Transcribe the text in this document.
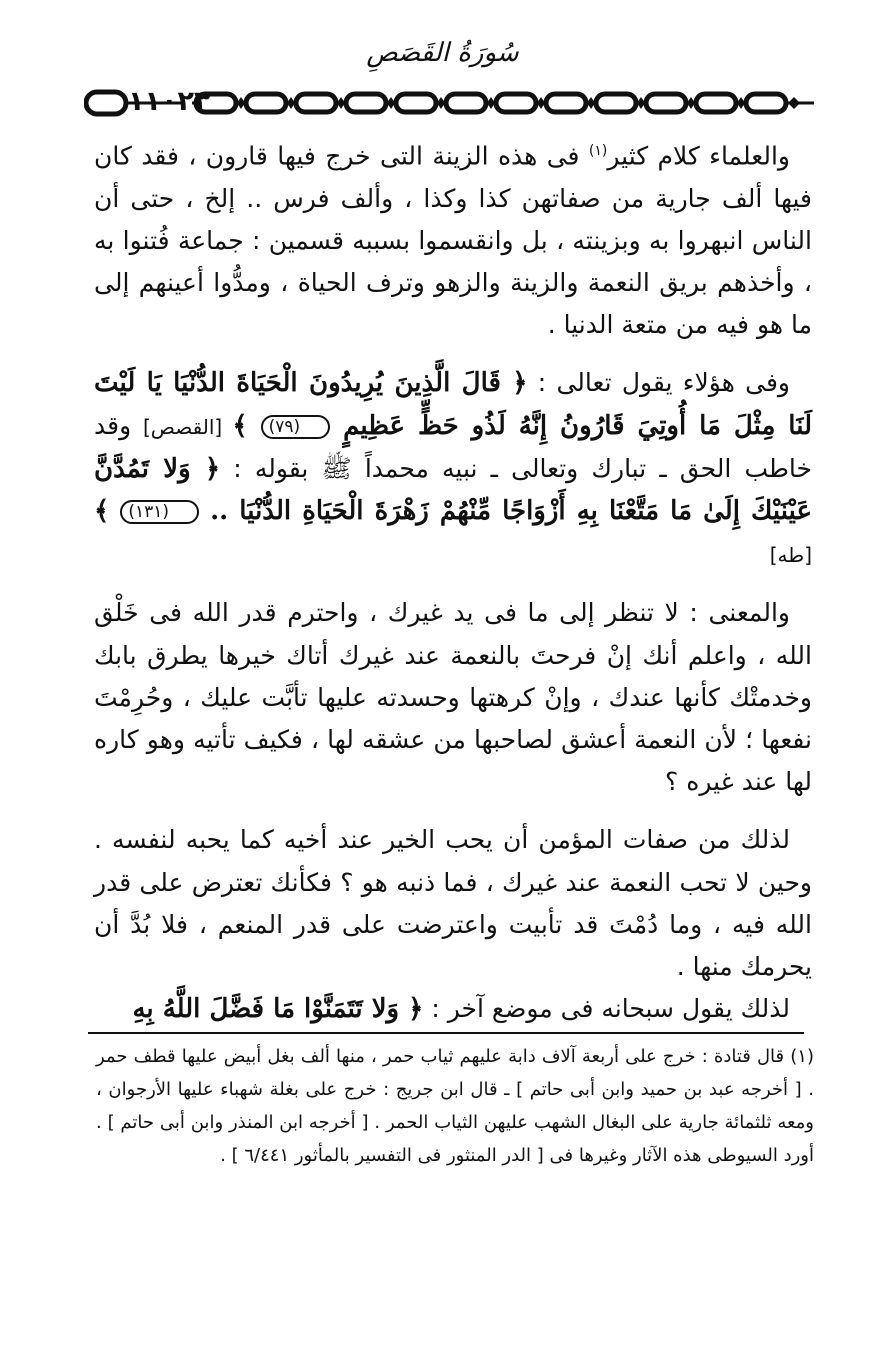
سُورَةُ القَصَصِ
١١٠٢٣

والعلماء كلام كثير$^{(١)}$ فى هذه الزينة التى خرج فيها قارون ، فقد كان فيها ألف جارية من صفاتهن كذا وكذا ، وألف فرس .. إلخ ، حتى أن الناس انبهروا به وبزينته ، بل وانقسموا بسببه قسمين : جماعة فُتنوا به ، وأخذهم بريق النعمة والزينة والزهو وترف الحياة ، ومدُّوا أعينهم إلى ما هو فيه من متعة الدنيا .

وفى هؤلاء يقول تعالى : ﴿ قَالَ الَّذِينَ يُرِيدُونَ الْحَيَاةَ الدُّنْيَا يَا لَيْتَ لَنَا مِثْلَ مَا أُوتِيَ قَارُونُ إِنَّهُ لَذُو حَظٍّ عَظِيمٍ (٧٩) ﴾ [القصص] وقد خاطب الحق ـ تبارك وتعالى ـ نبيه محمداً ﷺ بقوله : ﴿ وَلا تَمُدَّنَّ عَيْنَيْكَ إِلَىٰ مَا مَتَّعْنَا بِهِ أَزْوَاجًا مِّنْهُمْ زَهْرَةَ الْحَيَاةِ الدُّنْيَا .. (١٣١) ﴾ [طه]

والمعنى : لا تنظر إلى ما فى يد غيرك ، واحترم قدر الله فى خَلْق الله ، واعلم أنك إنْ فرحتَ بالنعمة عند غيرك أتاك خيرها يطرق بابك وخدمتْك كأنها عندك ، وإنْ كرهتها وحسدته عليها تأبَّت عليك ، وحُرِمْتَ نفعها ؛ لأن النعمة أعشق لصاحبها من عشقه لها ، فكيف تأتيه وهو كاره لها عند غيره ؟

لذلك من صفات المؤمن أن يحب الخير عند أخيه كما يحبه لنفسه . وحين لا تحب النعمة عند غيرك ، فما ذنبه هو ؟ فكأنك تعترض على قدر الله فيه ، وما دُمْتَ قد تأبيت واعترضت على قدر المنعم ، فلا بُدَّ أن يحرمك منها .

لذلك يقول سبحانه فى موضع آخر : ﴿ وَلا تَتَمَنَّوْا مَا فَضَّلَ اللَّهُ بِهِ

(١) قال قتادة : خرج على أربعة آلاف دابة عليهم ثياب حمر ، منها ألف بغل أبيض عليها قطف حمر . [ أخرجه عبد بن حميد وابن أبى حاتم ] ـ قال ابن جريج : خرج على بغلة شهباء عليها الأرجوان ، ومعه ثلثمائة جارية على البغال الشهب عليهن الثياب الحمر . [ أخرجه ابن المنذر وابن أبى حاتم ] . أورد السيوطى هذه الآثار وغيرها فى [ الدر المنثور فى التفسير بالمأثور ٦/٤٤١ ] .
